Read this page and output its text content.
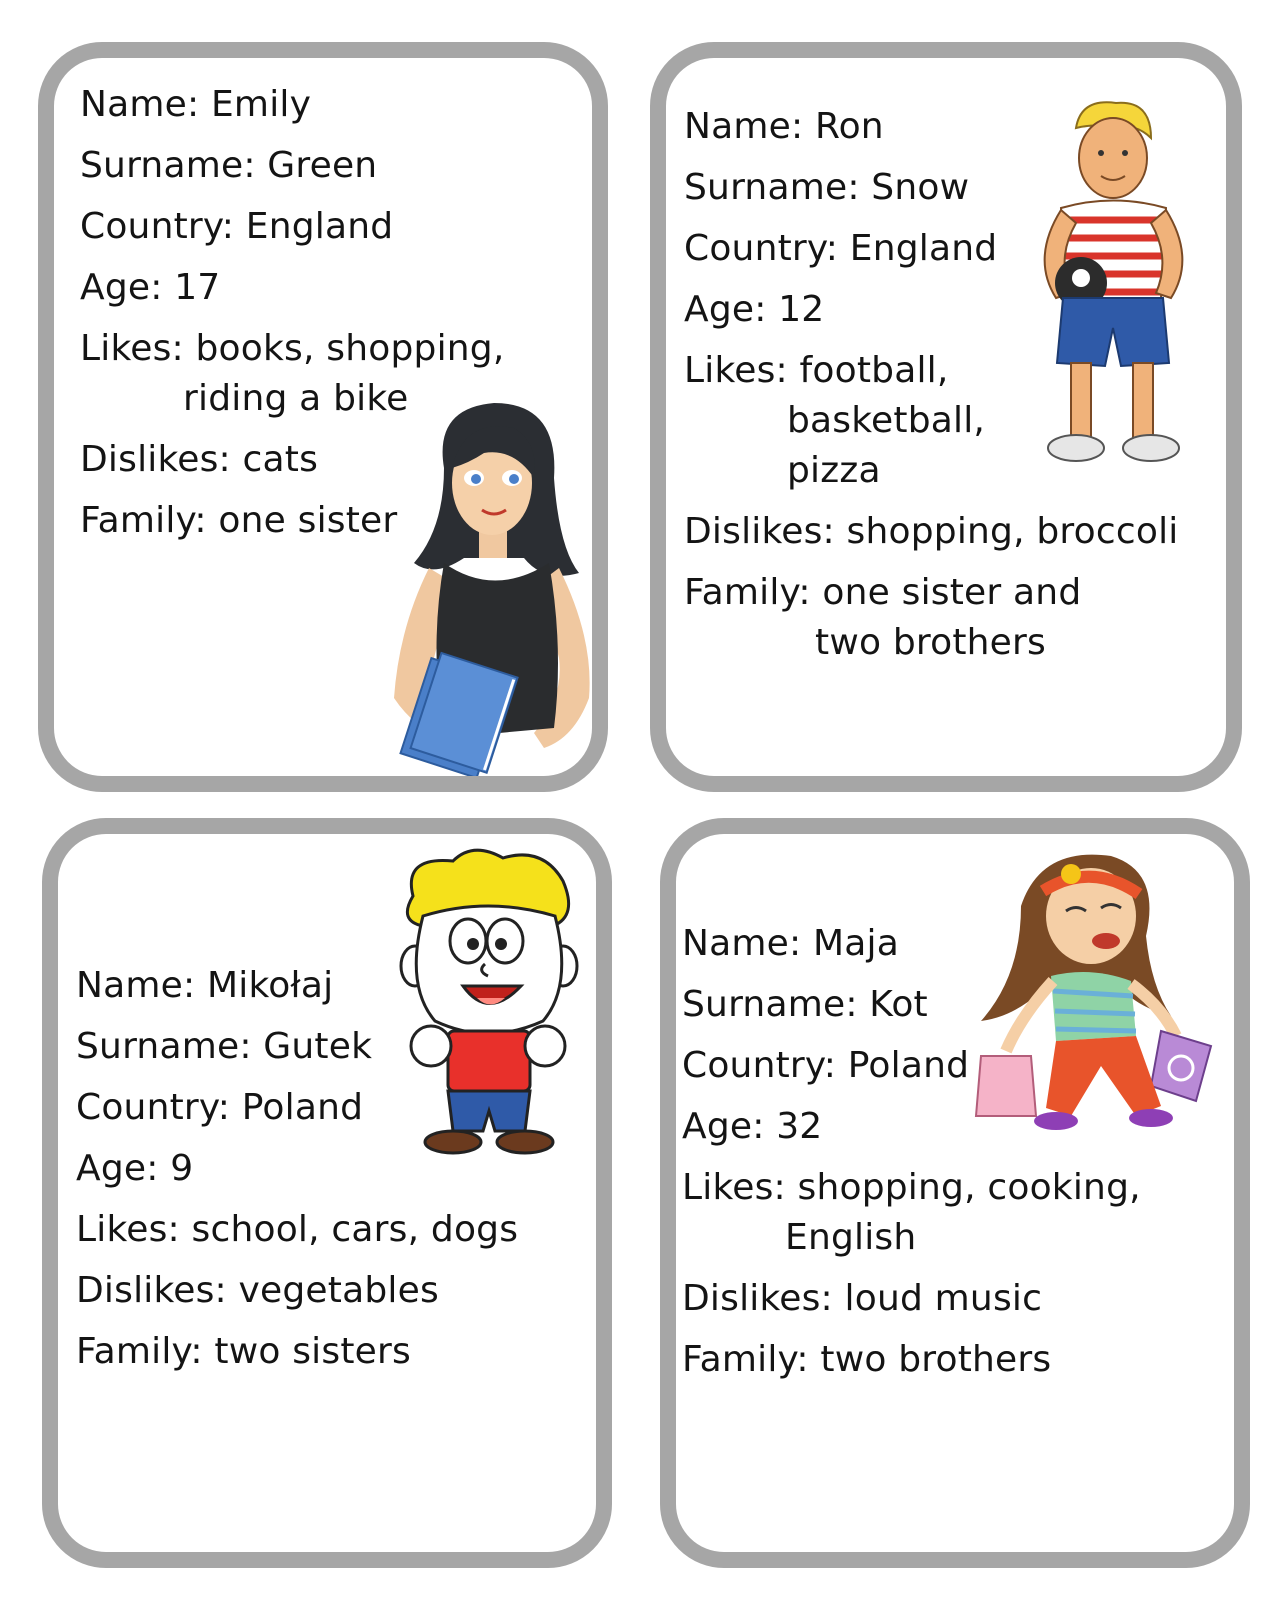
Name: Emily
Surname: Green
Country: England
Age: 17
Likes: books, shopping,
riding a bike
Dislikes: cats
Family: one sister
Name: Ron
Surname: Snow
Country: England
Age: 12
Likes: football,
basketball,
pizza
Dislikes: shopping, broccoli
Family: one sister and
two brothers
Name: Mikołaj
Surname: Gutek
Country: Poland
Age: 9
Likes: school, cars, dogs
Dislikes: vegetables
Family: two sisters
Name: Maja
Surname: Kot
Country: Poland
Age: 32
Likes: shopping, cooking,
English
Dislikes: loud music
Family: two brothers
